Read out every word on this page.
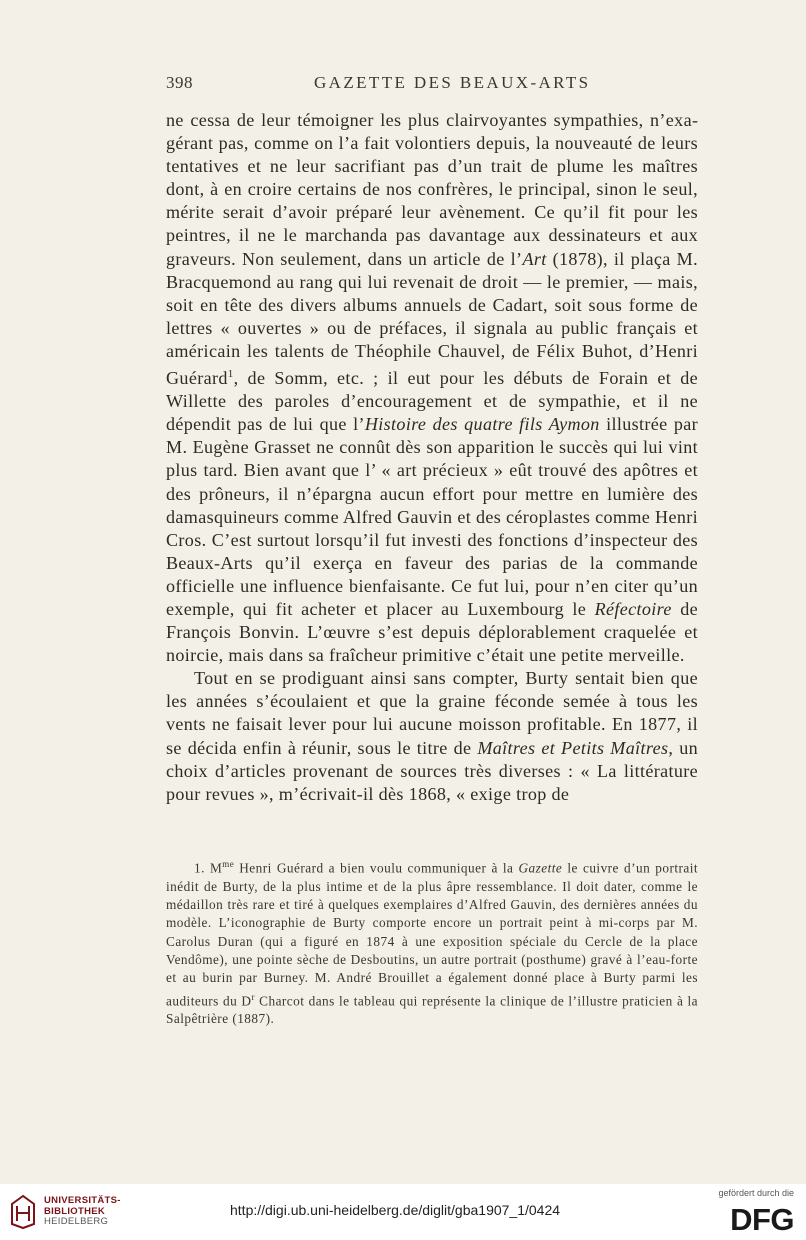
398	GAZETTE DES BEAUX-ARTS

ne cessa de leur témoigner les plus clairvoyantes sympathies, n’exagérant pas, comme on l’a fait volontiers depuis, la nouveauté de leurs tentatives et ne leur sacrifiant pas d’un trait de plume les maîtres dont, à en croire certains de nos confrères, le principal, sinon le seul, mérite serait d’avoir préparé leur avènement. Ce qu’il fit pour les peintres, il ne le marchanda pas davantage aux dessinateurs et aux graveurs. Non seulement, dans un article de l’Art (1878), il plaça M. Bracquemond au rang qui lui revenait de droit — le premier, — mais, soit en tête des divers albums annuels de Cadart, soit sous forme de lettres « ouvertes » ou de préfaces, il signala au public français et américain les talents de Théophile Chauvel, de Félix Buhot, d’Henri Guérard$^1$, de Somm, etc. ; il eut pour les débuts de Forain et de Willette des paroles d’encouragement et de sympathie, et il ne dépendit pas de lui que l’Histoire des quatre fils Aymon illustrée par M. Eugène Grasset ne connût dès son apparition le succès qui lui vint plus tard. Bien avant que l’ « art précieux » eût trouvé des apôtres et des prôneurs, il n’épargna aucun effort pour mettre en lumière des damasquineurs comme Alfred Gauvin et des céroplastes comme Henri Cros. C’est surtout lorsqu’il fut investi des fonctions d’inspecteur des Beaux-Arts qu’il exerça en faveur des parias de la commande officielle une influence bienfaisante. Ce fut lui, pour n’en citer qu’un exemple, qui fit acheter et placer au Luxembourg le Réfectoire de François Bonvin. L’œuvre s’est depuis déplorablement craquelée et noircie, mais dans sa fraîcheur primitive c’était une petite merveille.

Tout en se prodiguant ainsi sans compter, Burty sentait bien que les années s’écoulaient et que la graine féconde semée à tous les vents ne faisait lever pour lui aucune moisson profitable. En 1877, il se décida enfin à réunir, sous le titre de Maîtres et Petits Maîtres, un choix d’articles provenant de sources très diverses : « La littérature pour revues », m’écrivait-il dès 1868, « exige trop de

1. $M^{me}$ Henri Guérard a bien voulu communiquer à la Gazette le cuivre d’un portrait inédit de Burty, de la plus intime et de la plus âpre ressemblance. Il doit dater, comme le médaillon très rare et tiré à quelques exemplaires d’Alfred Gauvin, des dernières années du modèle. L’iconographie de Burty comporte encore un portrait peint à mi-corps par M. Carolus Duran (qui a figuré en 1874 à une exposition spéciale du Cercle de la place Vendôme), une pointe sèche de Desboutins, un autre portrait (posthume) gravé à l’eau-forte et au burin par Burney. M. André Brouillet a également donné place à Burty parmi les auditeurs du $D^r$ Charcot dans le tableau qui représente la clinique de l’illustre praticien à la Salpêtrière (1887).

UNIVERSITÄTS-
BIBLIOTHEK
HEIDELBERG
http://digi.ub.uni-heidelberg.de/diglit/gba1907_1/0424
gefördert durch die
DFG
